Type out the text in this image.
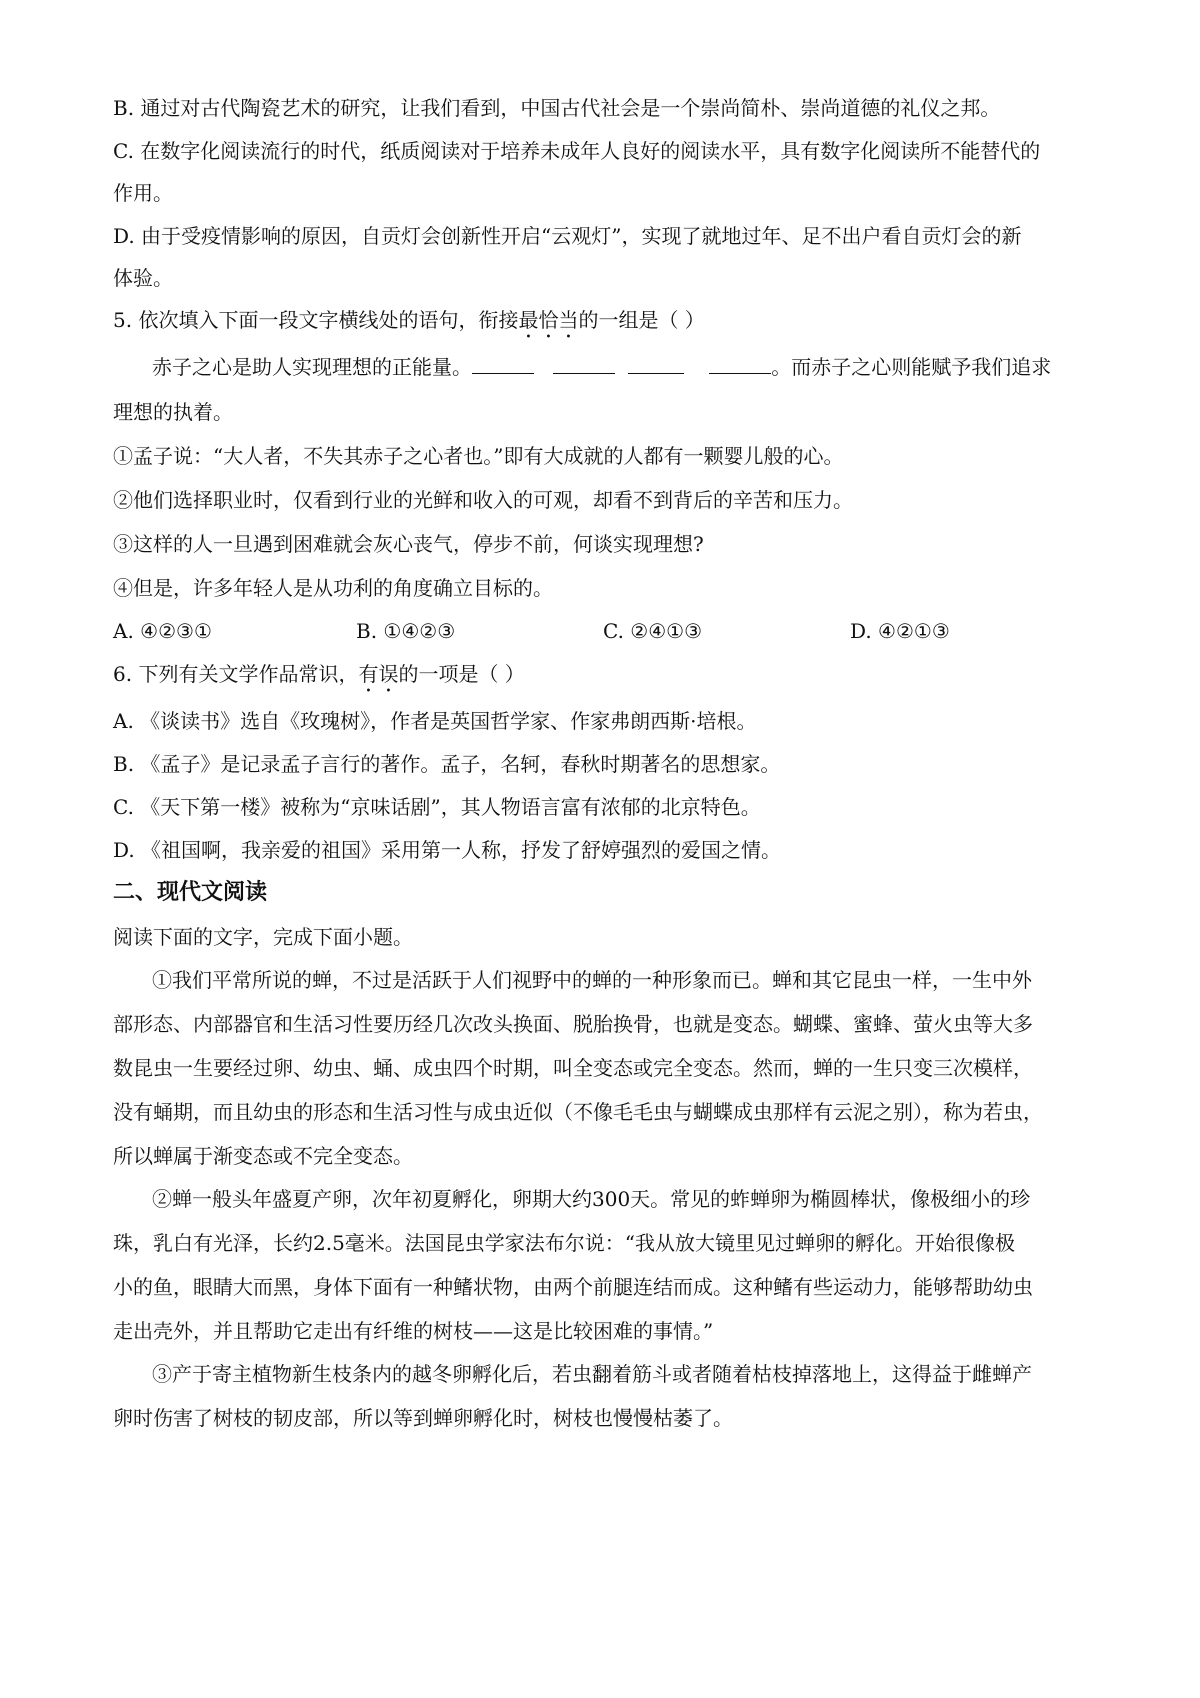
B. 通过对古代陶瓷艺术的研究，让我们看到，中国古代社会是一个崇尚简朴、崇尚道德的礼仪之邦。
C. 在数字化阅读流行的时代，纸质阅读对于培养未成年人良好的阅读水平，具有数字化阅读所不能替代的
作用。
D. 由于受疫情影响的原因，自贡灯会创新性开启“云观灯”，实现了就地过年、足不出户看自贡灯会的新
体验。
5. 依次填入下面一段文字横线处的语句，衔接最恰当的一组是（ ）
赤子之心是助人实现理想的正能量。	。而赤子之心则能赋予我们追求
理想的执着。
①孟子说：“大人者，不失其赤子之心者也。”即有大成就的人都有一颗婴儿般的心。
②他们选择职业时，仅看到行业的光鲜和收入的可观，却看不到背后的辛苦和压力。
③这样的人一旦遇到困难就会灰心丧气，停步不前，何谈实现理想?
④但是，许多年轻人是从功利的角度确立目标的。
A. ④②③①	B. ①④②③	C. ②④①③	D. ④②①③
6. 下列有关文学作品常识，有误的一项是（ ）
A. 《谈读书》选自《玫瑰树》，作者是英国哲学家、作家弗朗西斯·培根。
B. 《孟子》是记录孟子言行的著作。孟子，名轲，春秋时期著名的思想家。
C. 《天下第一楼》被称为“京味话剧”，其人物语言富有浓郁的北京特色。
D. 《祖国啊，我亲爱的祖国》采用第一人称，抒发了舒婷强烈的爱国之情。
二、现代文阅读
阅读下面的文字，完成下面小题。
①我们平常所说的蝉，不过是活跃于人们视野中的蝉的一种形象而已。蝉和其它昆虫一样，一生中外
部形态、内部器官和生活习性要历经几次改头换面、脱胎换骨，也就是变态。蝴蝶、蜜蜂、萤火虫等大多
数昆虫一生要经过卵、幼虫、蛹、成虫四个时期，叫全变态或完全变态。然而，蝉的一生只变三次模样，
没有蛹期，而且幼虫的形态和生活习性与成虫近似（不像毛毛虫与蝴蝶成虫那样有云泥之别），称为若虫，
所以蝉属于渐变态或不完全变态。
②蝉一般头年盛夏产卵，次年初夏孵化，卵期大约300天。常见的蚱蝉卵为椭圆棒状，像极细小的珍
珠，乳白有光泽，长约2.5毫米。法国昆虫学家法布尔说：“我从放大镜里见过蝉卵的孵化。开始很像极
小的鱼，眼睛大而黑，身体下面有一种鳍状物，由两个前腿连结而成。这种鳍有些运动力，能够帮助幼虫
走出壳外，并且帮助它走出有纤维的树枝——这是比较困难的事情。”
③产于寄主植物新生枝条内的越冬卵孵化后，若虫翻着筋斗或者随着枯枝掉落地上，这得益于雌蝉产
卵时伤害了树枝的韧皮部，所以等到蝉卵孵化时，树枝也慢慢枯萎了。
